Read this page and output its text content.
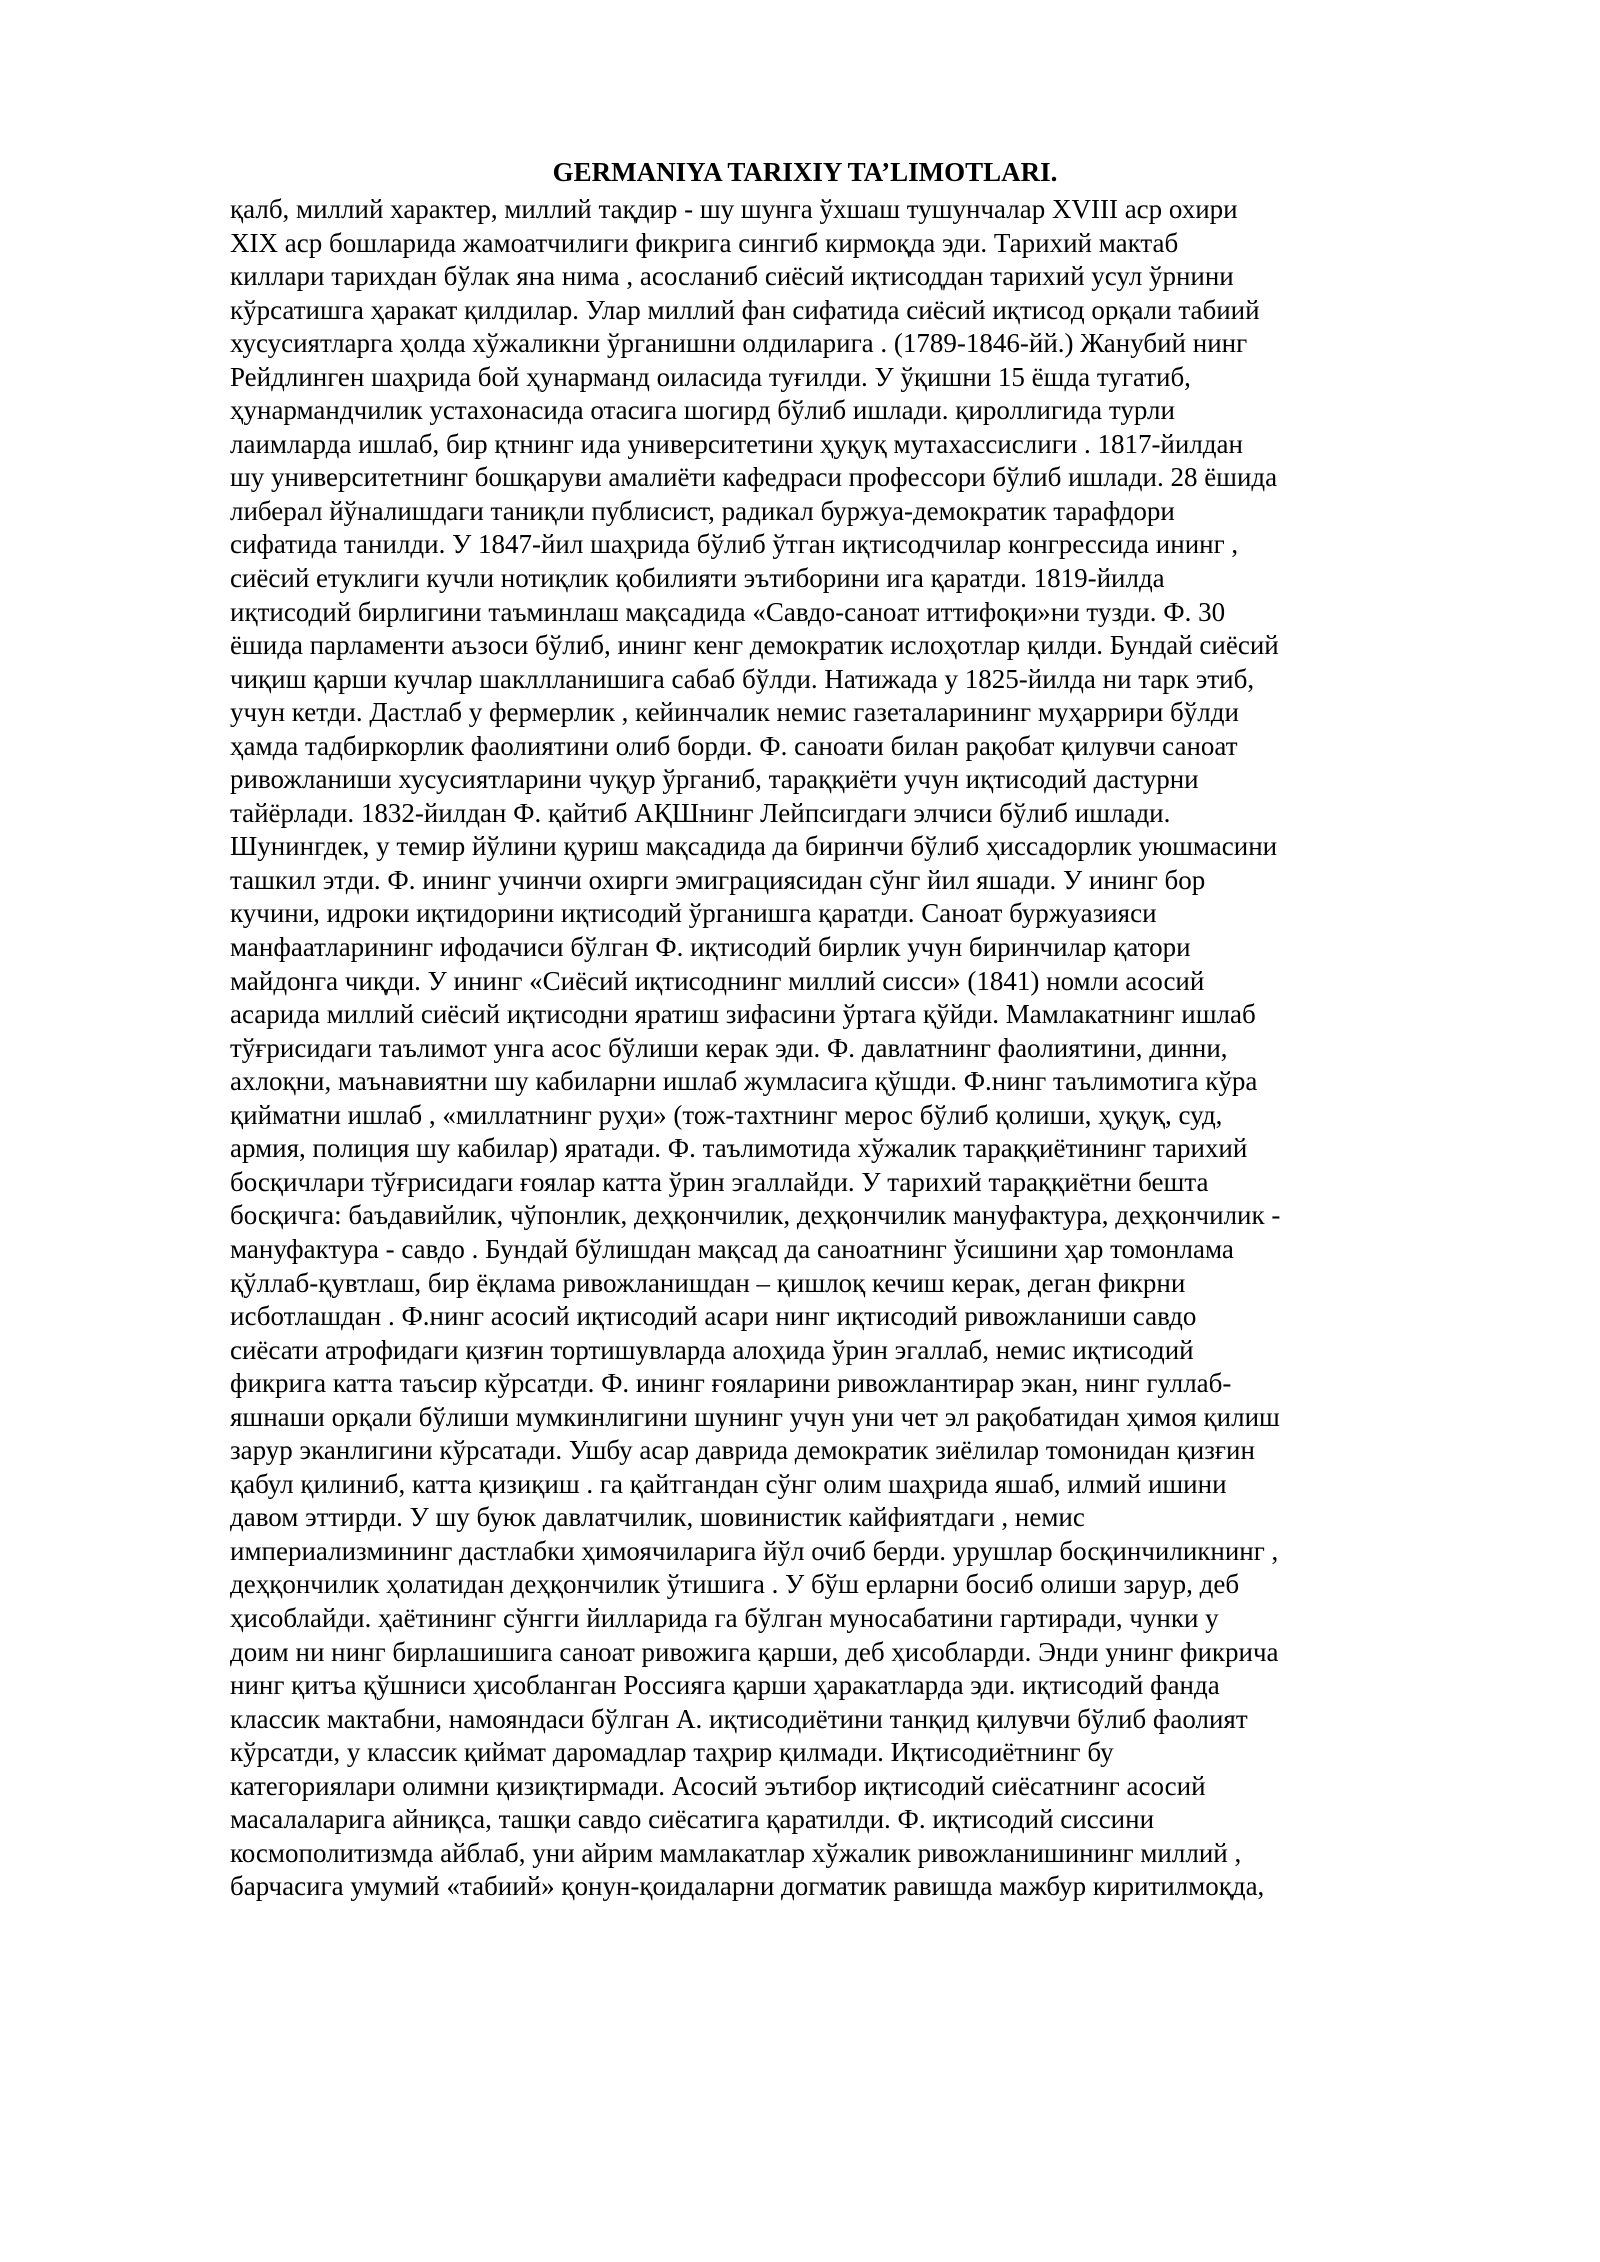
GERMANIYA TARIXIY TA’LIMOTLARI.
қалб, миллий характер, миллий тақдир - шу шунга ўхшаш тушунчалар XVIII аср охири
XIX аср бошларида жамоатчилиги фикрига сингиб кирмоқда эди. Тарихий мактаб
киллари тарихдан бўлак яна нима , асосланиб сиёсий иқтисоддан тарихий усул ўрнини
кўрсатишга ҳаракат қилдилар. Улар миллий фан сифатида сиёсий иқтисод орқали табиий
хусусиятларга ҳолда хўжаликни ўрганишни олдиларига . (1789-1846-йй.) Жанубий нинг
Рейдлинген шаҳрида бой ҳунарманд оиласида туғилди. У ўқишни 15 ёшда тугатиб,
ҳунармандчилик устахонасида отасига шогирд бўлиб ишлади. қироллигида турли
лаимларда ишлаб, бир қтнинг ида университетини ҳуқуқ мутахассислиги . 1817-йилдан
шу университетнинг бошқаруви амалиёти кафедраси профессори бўлиб ишлади. 28 ёшида
либерал йўналишдаги таниқли публисист, радикал буржуа-демократик тарафдори
сифатида танилди. У 1847-йил шаҳрида бўлиб ўтган иқтисодчилар конгрессида ининг ,
сиёсий етуклиги кучли нотиқлик қобилияти эътиборини ига қаратди. 1819-йилда
иқтисодий бирлигини таъминлаш мақсадида «Савдо-саноат иттифоқи»ни тузди. Ф. 30
ёшида парламенти аъзоси бўлиб, ининг кенг демократик ислоҳотлар қилди. Бундай сиёсий
чиқиш қарши кучлар шакллланишига сабаб бўлди. Натижада у 1825-йилда ни тарк этиб,
учун кетди. Дастлаб у фермерлик , кейинчалик немис газеталарининг муҳаррири бўлди
ҳамда тадбиркорлик фаолиятини олиб борди. Ф. саноати билан рақобат қилувчи саноат
ривожланиши хусусиятларини чуқур ўрганиб, тараққиёти учун иқтисодий дастурни
тайёрлади. 1832-йилдан Ф. қайтиб АҚШнинг Лейпсигдаги элчиси бўлиб ишлади.
Шунингдек, у темир йўлини қуриш мақсадида да биринчи бўлиб ҳиссадорлик уюшмасини
ташкил этди. Ф. ининг учинчи охирги эмиграциясидан сўнг йил яшади. У ининг бор
кучини, идроки иқтидорини иқтисодий ўрганишга қаратди. Саноат буржуазияси
манфаатларининг ифодачиси бўлган Ф. иқтисодий бирлик учун биринчилар қатори
майдонга чиқди. У ининг «Сиёсий иқтисоднинг миллий сисси» (1841) номли асосий
асарида миллий сиёсий иқтисодни яратиш зифасини ўртага қўйди. Мамлакатнинг ишлаб
тўғрисидаги таълимот унга асос бўлиши керак эди. Ф. давлатнинг фаолиятини, динни,
ахлоқни, маънавиятни шу кабиларни ишлаб жумласига қўшди. Ф.нинг таълимотига кўра
қийматни ишлаб , «миллатнинг руҳи» (тож-тахтнинг мерос бўлиб қолиши, ҳуқуқ, суд,
армия, полиция шу кабилар) яратади. Ф. таълимотида хўжалик тараққиётининг тарихий
босқичлари тўғрисидаги ғоялар катта ўрин эгаллайди. У тарихий тараққиётни бешта
босқичга: баъдавийлик, чўпонлик, деҳқончилик, деҳқончилик мануфактура, деҳқончилик -
мануфактура - савдо . Бундай бўлишдан мақсад да саноатнинг ўсишини ҳар томонлама
қўллаб-қувтлаш, бир ёқлама ривожланишдан – қишлоқ кечиш керак, деган фикрни
исботлашдан . Ф.нинг асосий иқтисодий асари нинг иқтисодий ривожланиши савдо
сиёсати атрофидаги қизғин тортишувларда алоҳида ўрин эгаллаб, немис иқтисодий
фикрига катта таъсир кўрсатди. Ф. ининг ғояларини ривожлантирар экан, нинг гуллаб-
яшнаши орқали бўлиши мумкинлигини шунинг учун уни чет эл рақобатидан ҳимоя қилиш
зарур эканлигини кўрсатади. Ушбу асар даврида демократик зиёлилар томонидан қизғин
қабул қилиниб, катта қизиқиш . га қайтгандан сўнг олим шаҳрида яшаб, илмий ишини
давом эттирди. У шу буюк давлатчилик, шовинистик кайфиятдаги , немис
империализмининг дастлабки ҳимоячиларига йўл очиб берди. урушлар босқинчиликнинг ,
деҳқончилик ҳолатидан деҳқончилик ўтишига . У бўш ерларни босиб олиши зарур, деб
ҳисоблайди. ҳаётининг сўнгги йилларида га бўлган муносабатини гартиради, чунки у
доим ни нинг бирлашишига саноат ривожига қарши, деб ҳисобларди. Энди унинг фикрича
нинг қитъа қўшниси ҳисобланган Россияга қарши ҳаракатларда эди. иқтисодий фанда
классик мактабни, намояндаси бўлган А. иқтисодиётини танқид қилувчи бўлиб фаолият
кўрсатди, у классик қиймат даромадлар таҳрир қилмади. Иқтисодиётнинг бу
категориялари олимни қизиқтирмади. Асосий эътибор иқтисодий сиёсатнинг асосий
масалаларига айниқса, ташқи савдо сиёсатига қаратилди. Ф. иқтисодий сиссини
космополитизмда айблаб, уни айрим мамлакатлар хўжалик ривожланишининг миллий ,
барчасига умумий «табиий» қонун-қоидаларни догматик равишда мажбур киритилмоқда,
